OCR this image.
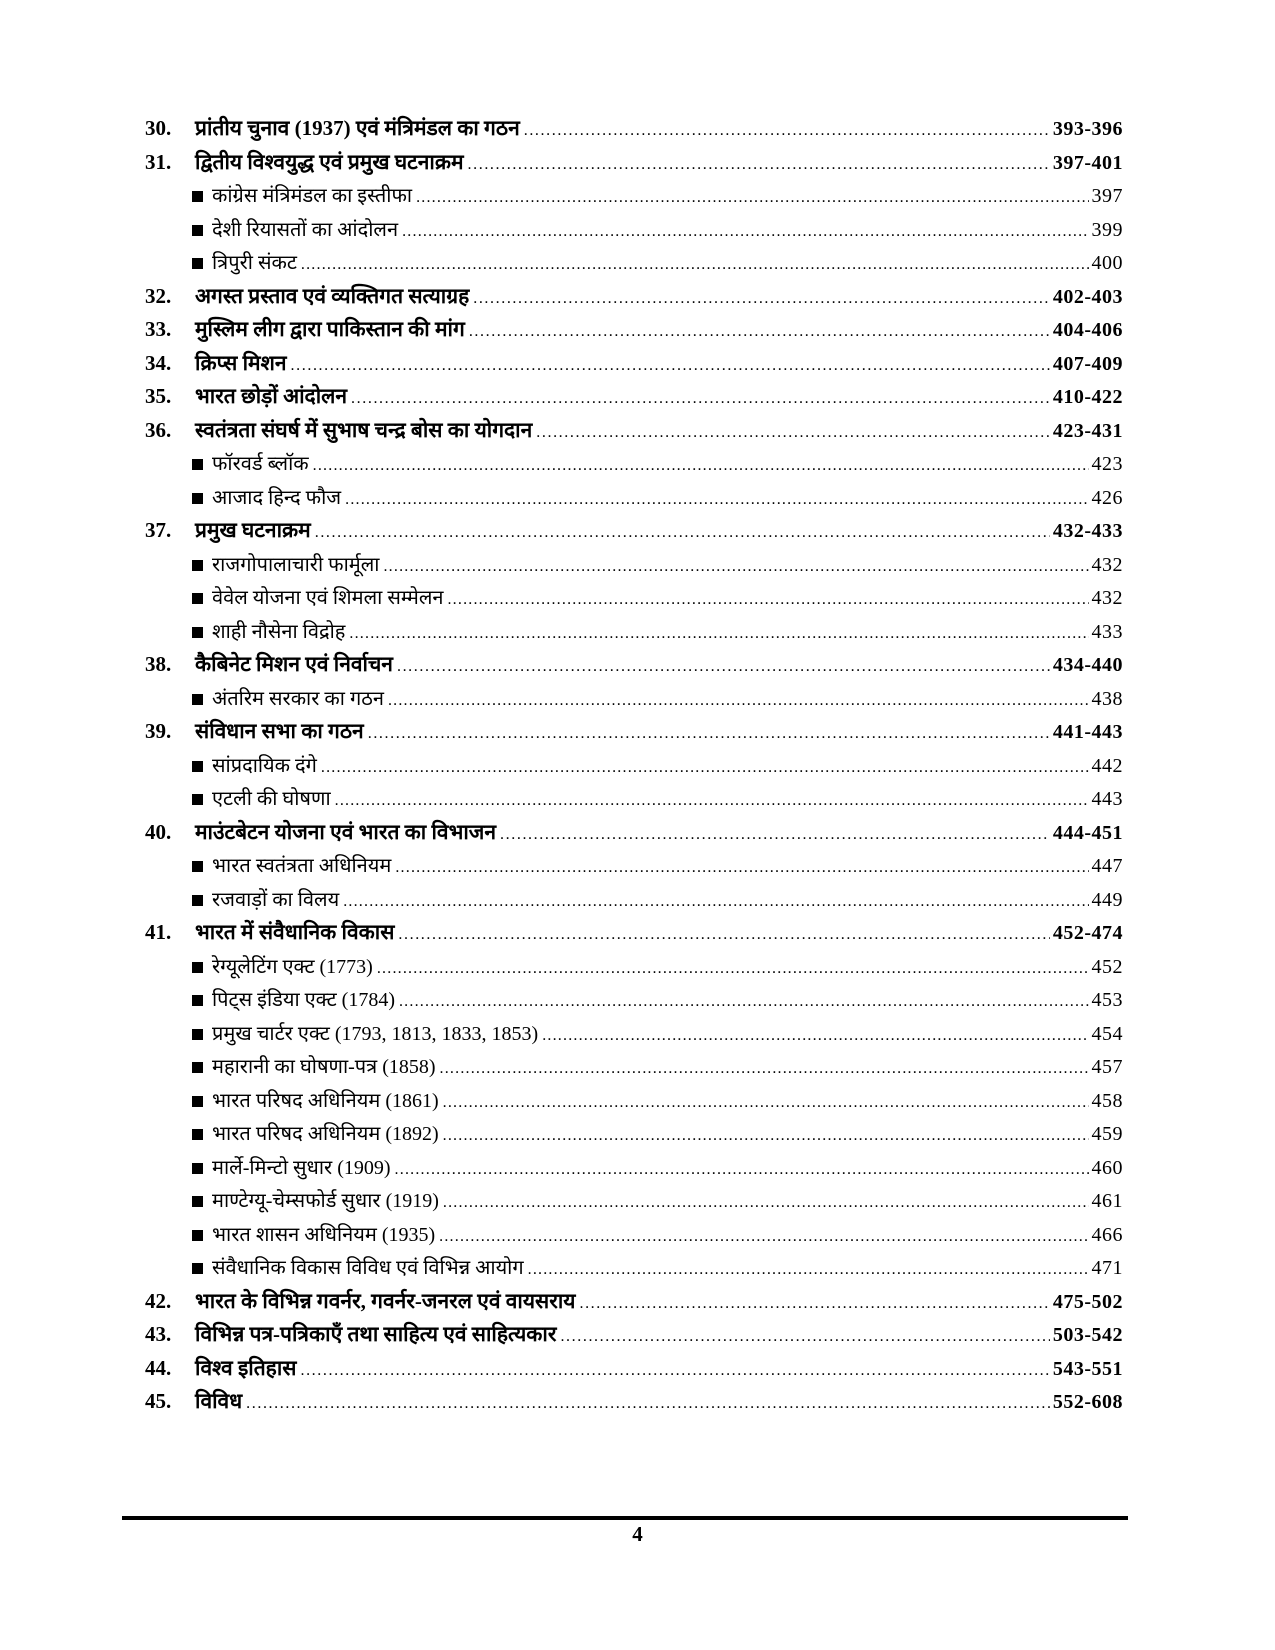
30.	प्रांतीय चुनाव (1937) एवं मंत्रिमंडल का गठन .....	393-396
31.	द्वितीय विश्वयुद्ध एवं प्रमुख घटनाक्रम .....	397-401
कांग्रेस मंत्रिमंडल का इस्तीफा .....	397
देशी रियासतों का आंदोलन .....	399
त्रिपुरी संकट .....	400
32.	अगस्त प्रस्ताव एवं व्यक्तिगत सत्याग्रह .....	402-403
33.	मुस्लिम लीग द्वारा पाकिस्तान की मांग .....	404-406
34.	क्रिप्स मिशन .....	407-409
35.	भारत छोड़ों आंदोलन .....	410-422
36.	स्वतंत्रता संघर्ष में सुभाष चन्द्र बोस का योगदान .....	423-431
फॉरवर्ड ब्लॉक .....	423
आजाद हिन्द फौज .....	426
37.	प्रमुख घटनाक्रम .....	432-433
राजगोपालाचारी फार्मूला .....	432
वेवेल योजना एवं शिमला सम्मेलन .....	432
शाही नौसेना विद्रोह .....	433
38.	कैबिनेट मिशन एवं निर्वाचन .....	434-440
अंतरिम सरकार का गठन .....	438
39.	संविधान सभा का गठन .....	441-443
सांप्रदायिक दंगे .....	442
एटली की घोषणा .....	443
40.	माउंटबेटन योजना एवं भारत का विभाजन .....	444-451
भारत स्वतंत्रता अधिनियम .....	447
रजवाड़ों का विलय .....	449
41.	भारत में संवैधानिक विकास .....	452-474
रेग्यूलेटिंग एक्ट (1773) .....	452
पिट्स इंडिया एक्ट (1784) .....	453
प्रमुख चार्टर एक्ट (1793, 1813, 1833, 1853) .....	454
महारानी का घोषणा-पत्र (1858) .....	457
भारत परिषद अधिनियम (1861) .....	458
भारत परिषद अधिनियम (1892) .....	459
मार्ले-मिन्टो सुधार (1909) .....	460
माण्टेग्यू-चेम्सफोर्ड सुधार (1919) .....	461
भारत शासन अधिनियम (1935) .....	466
संवैधानिक विकास विविध एवं विभिन्न आयोग .....	471
42.	भारत के विभिन्न गवर्नर, गवर्नर-जनरल एवं वायसराय .....	475-502
43.	विभिन्न पत्र-पत्रिकाएँ तथा साहित्य एवं साहित्यकार .....	503-542
44.	विश्व इतिहास .....	543-551
45.	विविध .....	552-608
4
